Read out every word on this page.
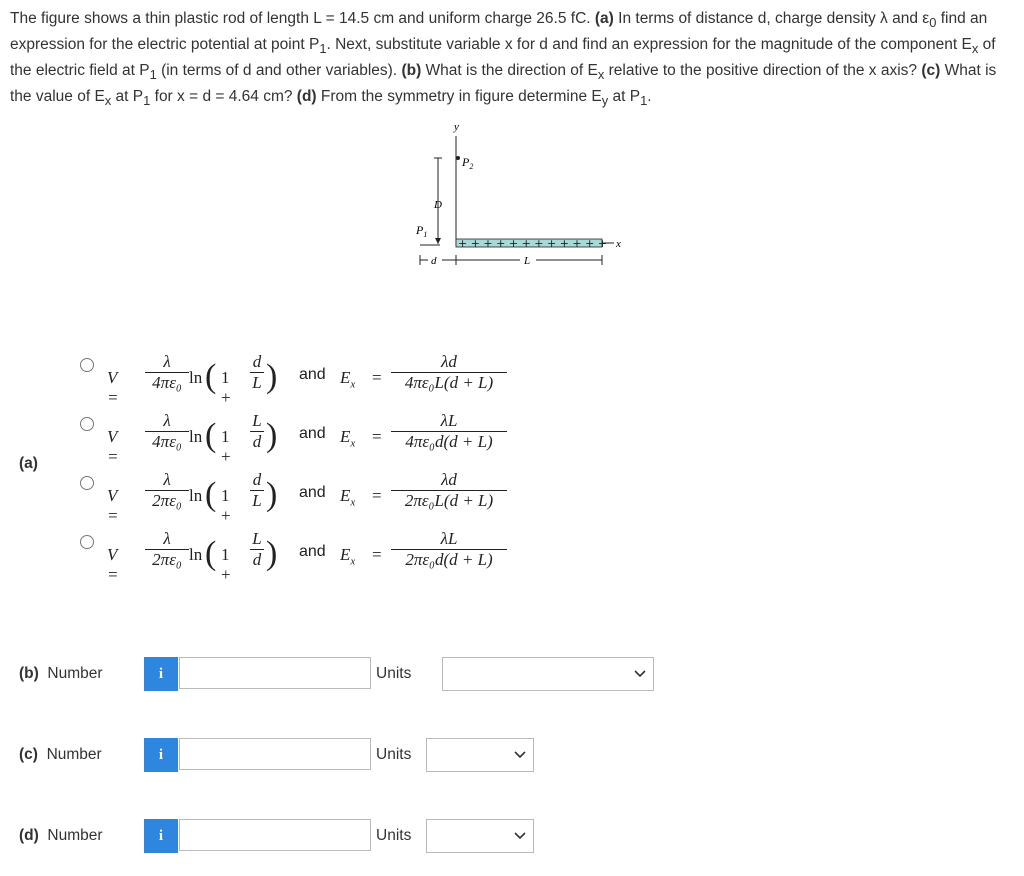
The figure shows a thin plastic rod of length L = 14.5 cm and uniform charge 26.5 fC. (a) In terms of distance d, charge density λ and $\varepsilon_0$ find an expression for the electric potential at point $P_1$. Next, substitute variable x for d and find an expression for the magnitude of the component $E_x$ of the electric field at $P_1$ (in terms of d and other variables). (b) What is the direction of $E_x$ relative to the positive direction of the x axis? (c) What is the value of $E_x$ at $P_1$ for x = d = 4.64 cm? (d) From the symmetry in figure determine $E_y$ at $P_1$.

y
$P_2$
D
$P_1$
+ + + + + + + + + + + + x
d	L
(a)
V =
λ
4πε₀ ln ( 1 +
d
L ) and $E_x$ =
λd
4πε₀L(d + L)
V =
λ
4πε₀ ln ( 1 +
L
d ) and $E_x$ =
λL
4πε₀d(d + L)
V =
λ
2πε₀ ln ( 1 +
d
L ) and $E_x$ =
λd
2πε₀L(d + L)
V =
λ
2πε₀ ln ( 1 +
L
d ) and $E_x$ =
λL
2πε₀d(d + L)
(b) Number	i	Units
(c) Number	i	Units
(d) Number	i	Units
